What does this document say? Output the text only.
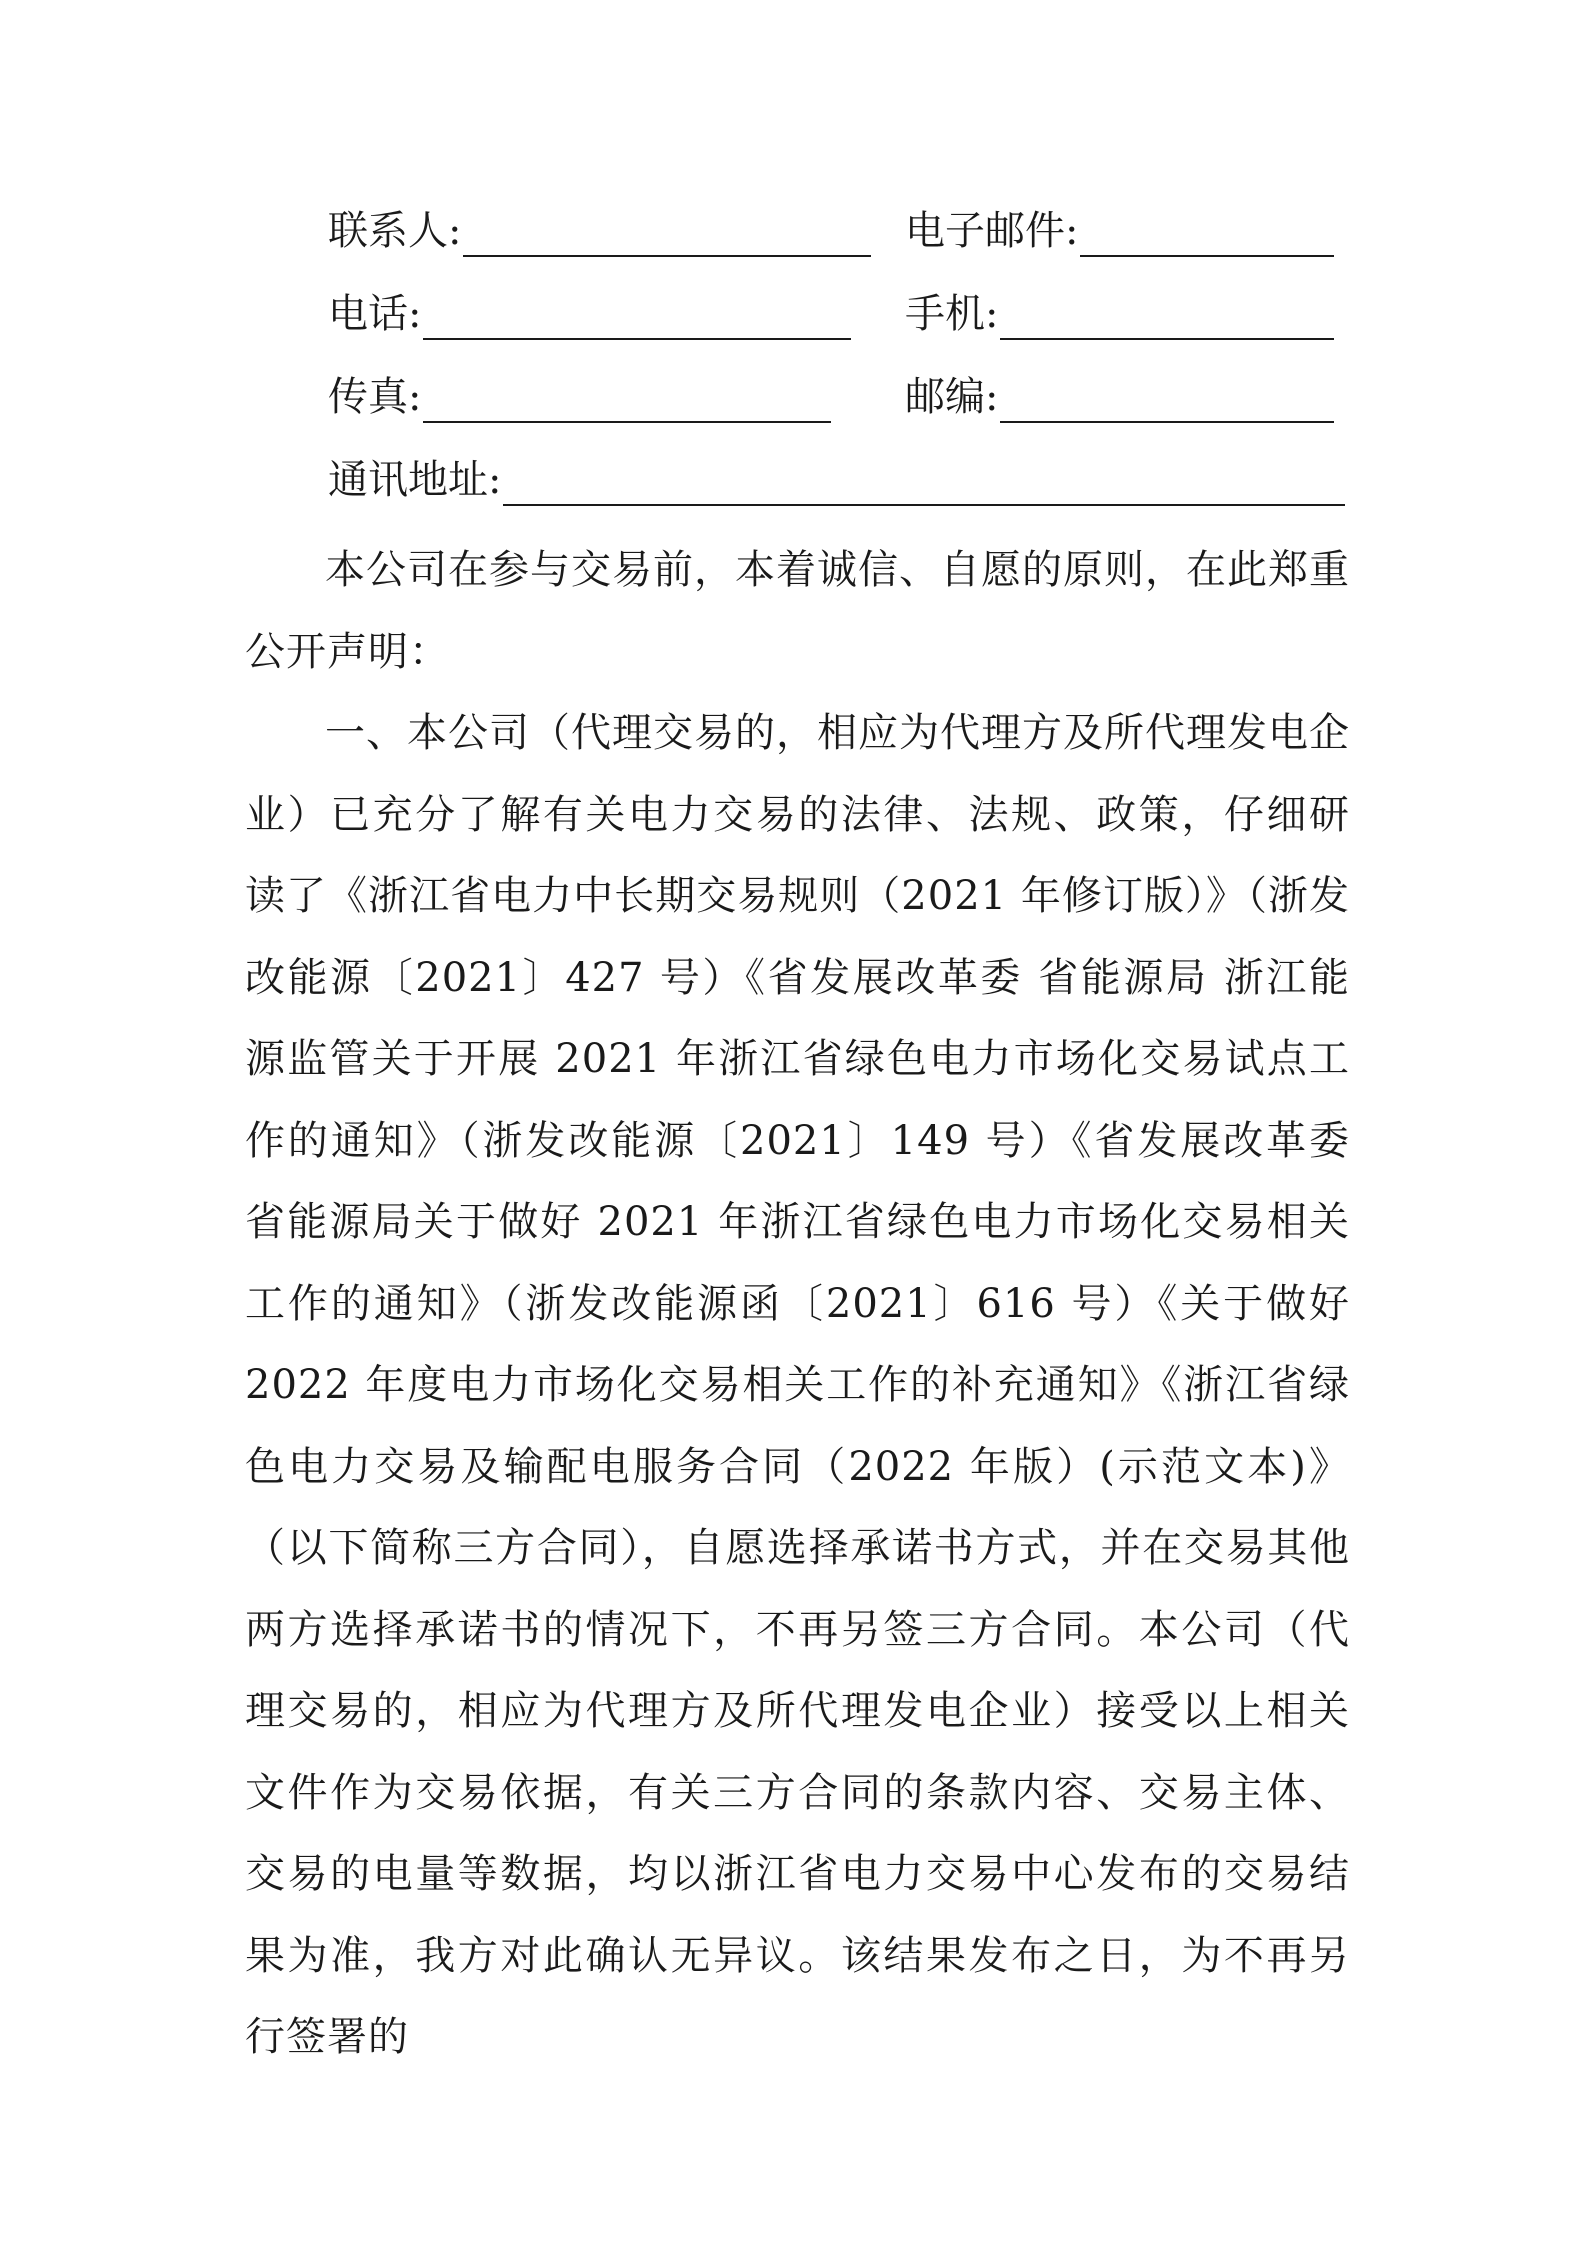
联系人:	电子邮件:
电话:	手机:
传真:	邮编:
通讯地址:

本公司在参与交易前，本着诚信、自愿的原则，在此郑重公开声明：

一、本公司（代理交易的，相应为代理方及所代理发电企业）已充分了解有关电力交易的法律、法规、政策，仔细研读了《浙江省电力中长期交易规则（2021 年修订版）》（浙发改能源〔2021〕427 号）《省发展改革委 省能源局 浙江能源监管关于开展 2021 年浙江省绿色电力市场化交易试点工作的通知》（浙发改能源〔2021〕149 号）《省发展改革委 省能源局关于做好 2021 年浙江省绿色电力市场化交易相关工作的通知》（浙发改能源函〔2021〕616 号）《关于做好 2022 年度电力市场化交易相关工作的补充通知》《浙江省绿色电力交易及输配电服务合同（2022 年版）(示范文本)》（以下简称三方合同），自愿选择承诺书方式，并在交易其他两方选择承诺书的情况下，不再另签三方合同。本公司（代理交易的，相应为代理方及所代理发电企业）接受以上相关文件作为交易依据，有关三方合同的条款内容、交易主体、交易的电量等数据，均以浙江省电力交易中心发布的交易结果为准，我方对此确认无异议。该结果发布之日，为不再另行签署的
